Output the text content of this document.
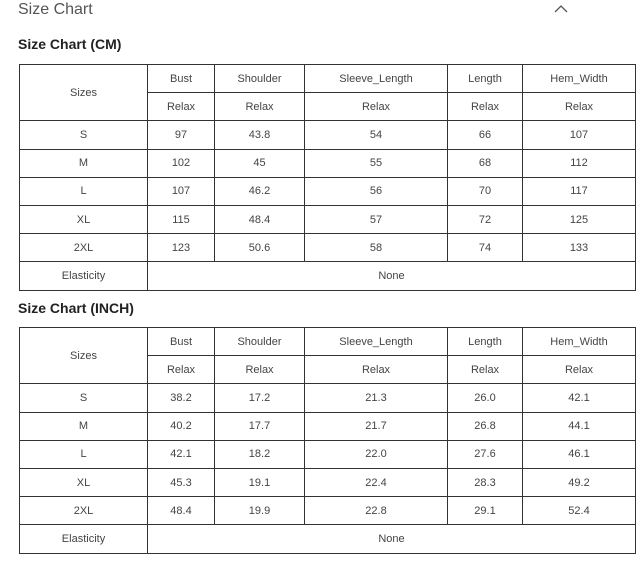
Size Chart
Size Chart (CM)
Sizes	Bust	Shoulder	Sleeve_Length	Length	Hem_Width
	Relax	Relax	Relax	Relax	Relax
S	97	43.8	54	66	107
M	102	45	55	68	112
L	107	46.2	56	70	117
XL	115	48.4	57	72	125
2XL	123	50.6	58	74	133
Elasticity	None				
Size Chart (INCH)
Sizes	Bust	Shoulder	Sleeve_Length	Length	Hem_Width
	Relax	Relax	Relax	Relax	Relax
S	38.2	17.2	21.3	26.0	42.1
M	40.2	17.7	21.7	26.8	44.1
L	42.1	18.2	22.0	27.6	46.1
XL	45.3	19.1	22.4	28.3	49.2
2XL	48.4	19.9	22.8	29.1	52.4
Elasticity	None				
